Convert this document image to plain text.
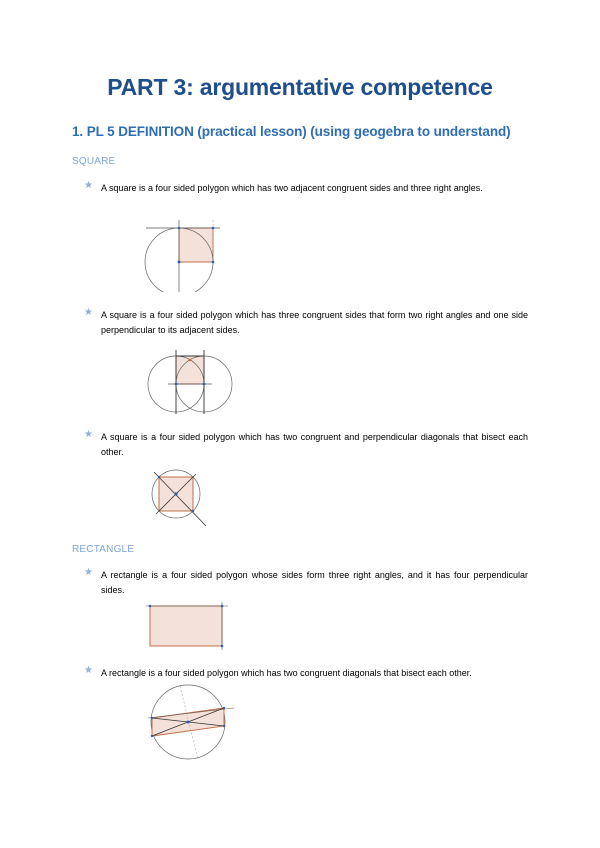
PART 3: argumentative competence
1. PL 5 DEFINITION (practical lesson) (using geogebra to understand)
SQUARE
★ A square is a four sided polygon which has two adjacent congruent sides and three right angles.
★ A square is a four sided polygon which has three congruent sides that form two right angles and one side perpendicular to its adjacent sides.
★ A square is a four sided polygon which has two congruent and perpendicular diagonals that bisect each other.
RECTANGLE
★ A rectangle is a four sided polygon whose sides form three right angles, and it has four perpendicular sides.
★ A rectangle is a four sided polygon which has two congruent diagonals that bisect each other.
